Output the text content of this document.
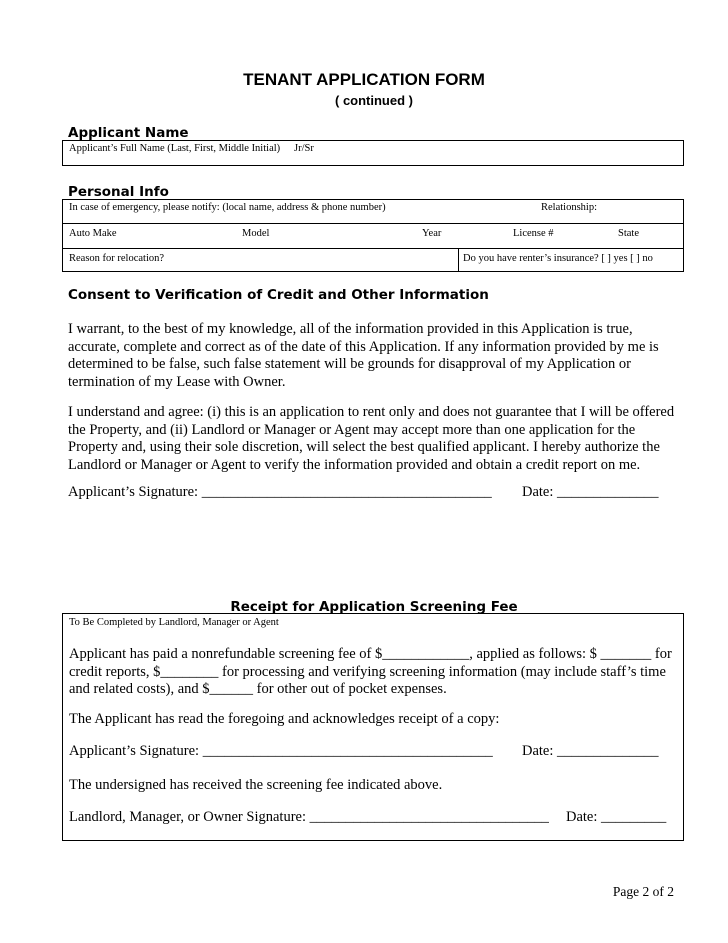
TENANT APPLICATION FORM
( continued )
Applicant Name
Applicant’s Full Name (Last, First, Middle Initial) Jr/Sr
Personal Info
In case of emergency, please notify: (local name, address & phone number)	Relationship:
Auto Make	Model	Year	License #	State
Reason for relocation?	Do you have renter’s insurance? [ ] yes [ ] no
Consent to Verification of Credit and Other Information
I warrant, to the best of my knowledge, all of the information provided in this Application is true, accurate, complete and correct as of the date of this Application. If any information provided by me is determined to be false, such false statement will be grounds for disapproval of my Application or termination of my Lease with Owner.
I understand and agree: (i) this is an application to rent only and does not guarantee that I will be offered the Property, and (ii) Landlord or Manager or Agent may accept more than one application for the Property and, using their sole discretion, will select the best qualified applicant. I hereby authorize the Landlord or Manager or Agent to verify the information provided and obtain a credit report on me.
Applicant’s Signature: ________________________________________ Date: ______________
Receipt for Application Screening Fee
To Be Completed by Landlord, Manager or Agent
Applicant has paid a nonrefundable screening fee of $____________, applied as follows: $ _______ for credit reports, $________ for processing and verifying screening information (may include staff’s time and related costs), and $______ for other out of pocket expenses.
The Applicant has read the foregoing and acknowledges receipt of a copy:
Applicant’s Signature: ________________________________________ Date: ______________
The undersigned has received the screening fee indicated above.
Landlord, Manager, or Owner Signature: _________________________________ Date: _________
Page 2 of 2
